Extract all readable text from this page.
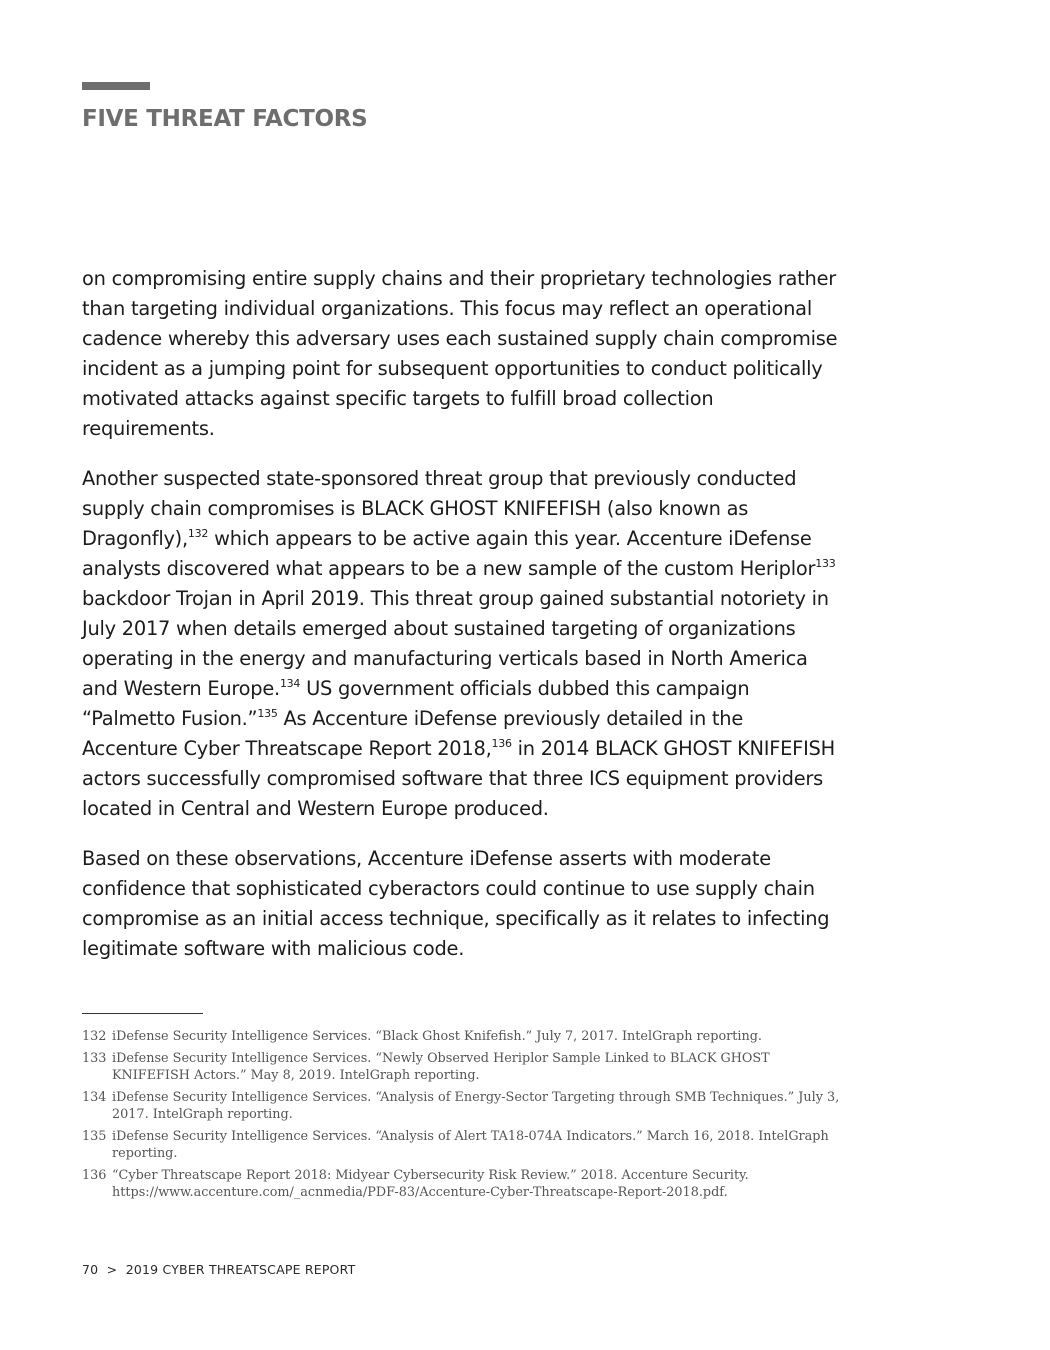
FIVE THREAT FACTORS

on compromising entire supply chains and their proprietary technologies rather than targeting individual organizations. This focus may reflect an operational cadence whereby this adversary uses each sustained supply chain compromise incident as a jumping point for subsequent opportunities to conduct politically motivated attacks against specific targets to fulfill broad collection requirements.

Another suspected state-sponsored threat group that previously conducted supply chain compromises is BLACK GHOST KNIFEFISH (also known as Dragonfly),$^{132}$ which appears to be active again this year. Accenture iDefense analysts discovered what appears to be a new sample of the custom Heriplor$^{133}$ backdoor Trojan in April 2019. This threat group gained substantial notoriety in July 2017 when details emerged about sustained targeting of organizations operating in the energy and manufacturing verticals based in North America and Western Europe.$^{134}$ US government officials dubbed this campaign “Palmetto Fusion.”$^{135}$ As Accenture iDefense previously detailed in the Accenture Cyber Threatscape Report 2018,$^{136}$ in 2014 BLACK GHOST KNIFEFISH actors successfully compromised software that three ICS equipment providers located in Central and Western Europe produced.

Based on these observations, Accenture iDefense asserts with moderate confidence that sophisticated cyberactors could continue to use supply chain compromise as an initial access technique, specifically as it relates to infecting legitimate software with malicious code.

132 iDefense Security Intelligence Services. “Black Ghost Knifefish.” July 7, 2017. IntelGraph reporting.
133 iDefense Security Intelligence Services. “Newly Observed Heriplor Sample Linked to BLACK GHOST KNIFEFISH Actors.” May 8, 2019. IntelGraph reporting.
134 iDefense Security Intelligence Services. “Analysis of Energy-Sector Targeting through SMB Techniques.” July 3, 2017. IntelGraph reporting.
135 iDefense Security Intelligence Services. “Analysis of Alert TA18-074A Indicators.” March 16, 2018. IntelGraph reporting.
136 “Cyber Threatscape Report 2018: Midyear Cybersecurity Risk Review.” 2018. Accenture Security. https://www.accenture.com/_acnmedia/PDF-83/Accenture-Cyber-Threatscape-Report-2018.pdf.
70 > 2019 CYBER THREATSCAPE REPORT
